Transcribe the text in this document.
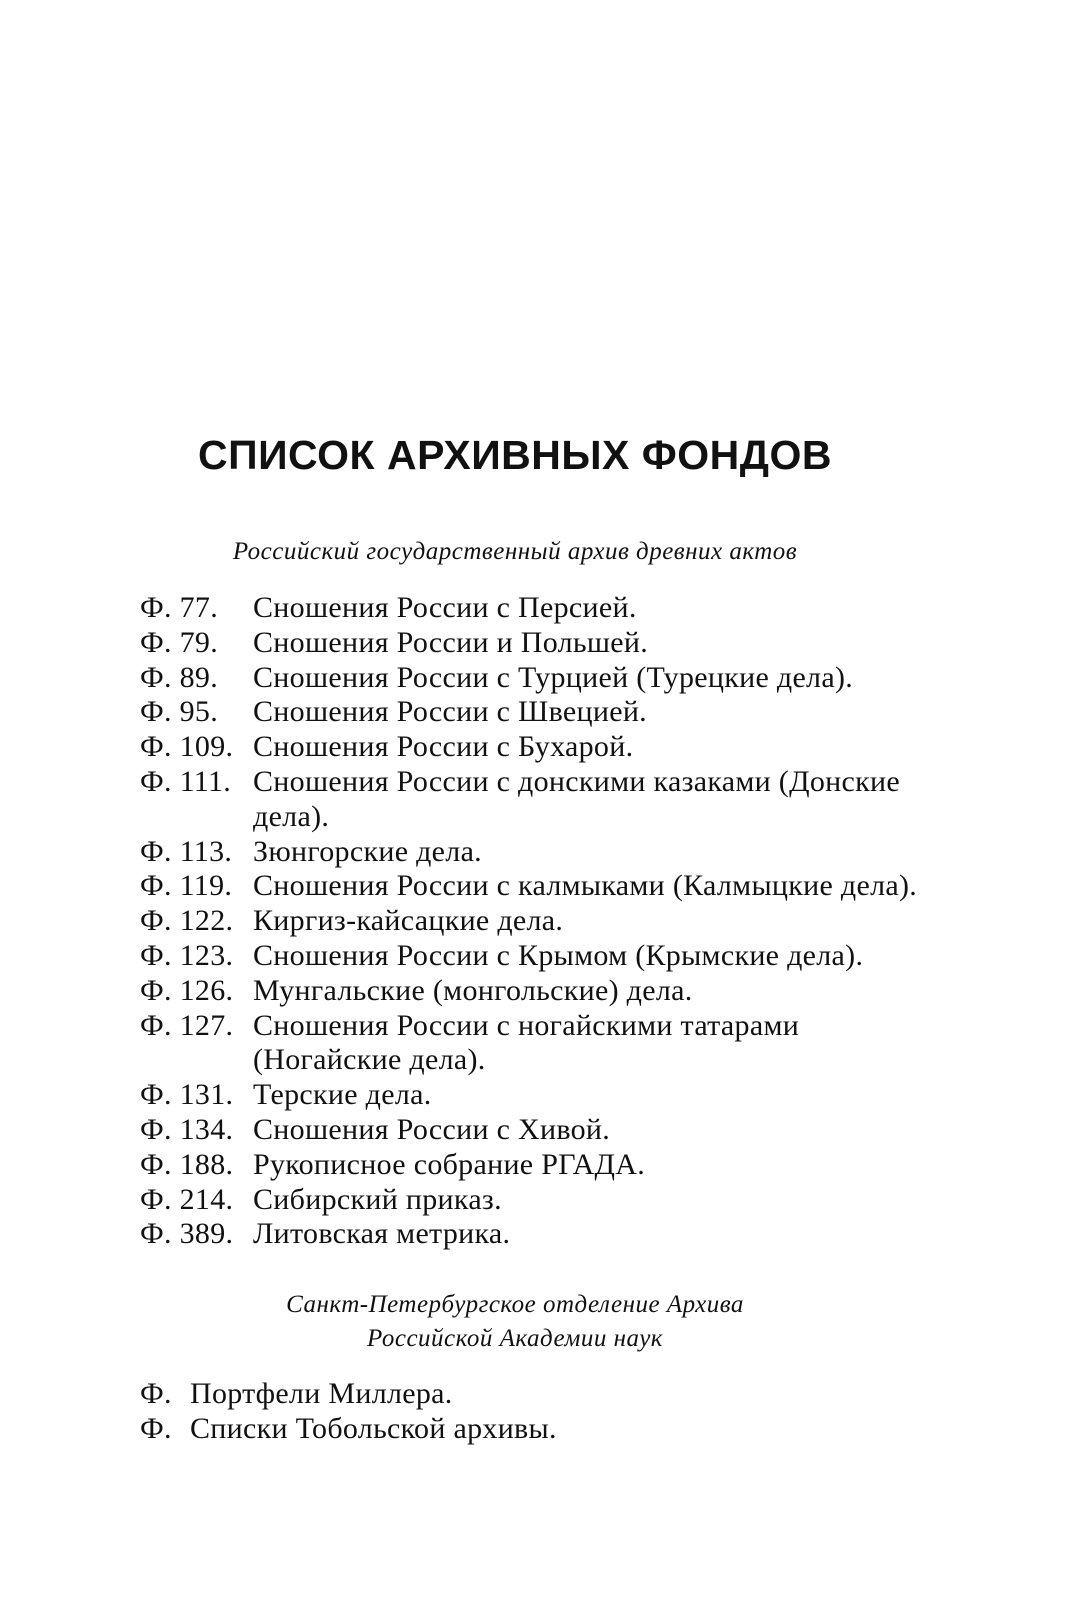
СПИСОК АРХИВНЫХ ФОНДОВ
Российский государственный архив древних актов
Ф. 77.	Сношения России с Персией.
Ф. 79.	Сношения России и Польшей.
Ф. 89.	Сношения России с Турцией (Турецкие дела).
Ф. 95.	Сношения России с Швецией.
Ф. 109. Сношения России с Бухарой.
Ф. 111. Сношения России с донскими казаками (Донские дела).
Ф. 113. Зюнгорские дела.
Ф. 119. Сношения России с калмыками (Калмыцкие дела).
Ф. 122. Киргиз-кайсацкие дела.
Ф. 123. Сношения России с Крымом (Крымские дела).
Ф. 126. Мунгальские (монгольские) дела.
Ф. 127. Сношения России с ногайскими татарами (Ногайские дела).
Ф. 131. Терские дела.
Ф. 134. Сношения России с Хивой.
Ф. 188. Рукописное собрание РГАДА.
Ф. 214. Сибирский приказ.
Ф. 389. Литовская метрика.
Санкт-Петербургское отделение Архива
Российской Академии наук
Ф. Портфели Миллера.
Ф. Списки Тобольской архивы.
